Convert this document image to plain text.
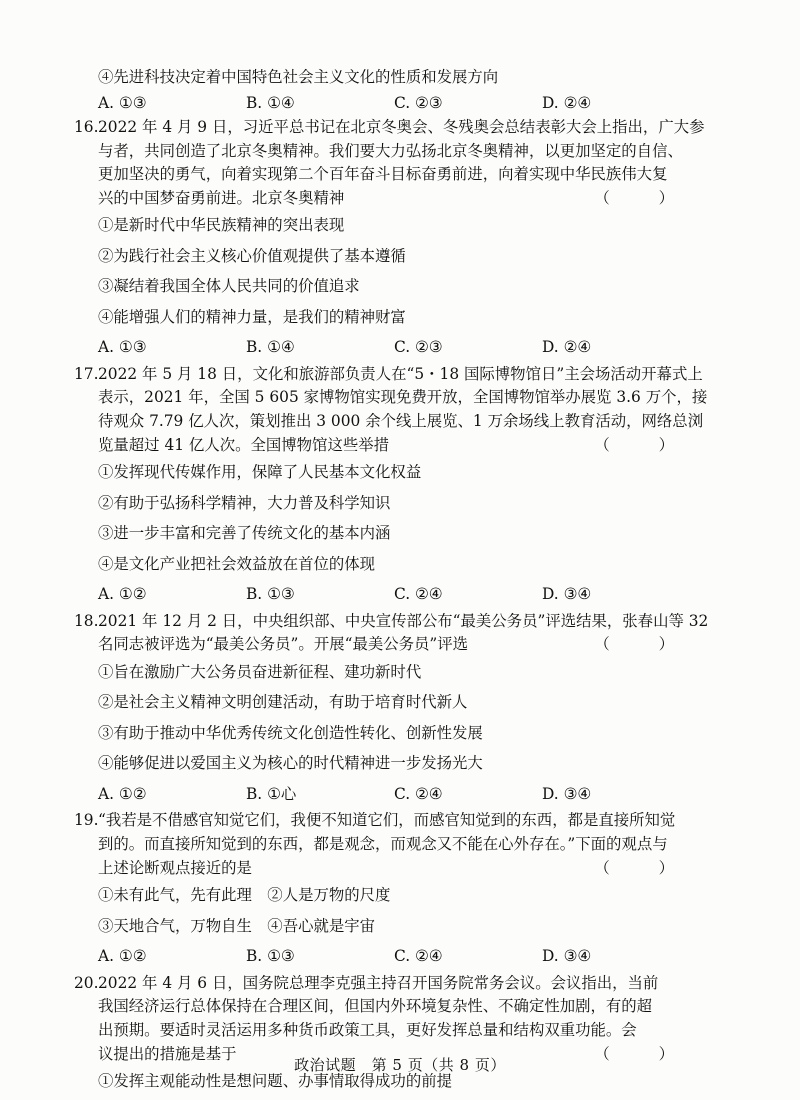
④先进科技决定着中国特色社会主义文化的性质和发展方向
A. ①③	B. ①④	C. ②③	D. ②④
16. 2022 年 4 月 9 日，习近平总书记在北京冬奥会、冬残奥会总结表彰大会上指出，广大参
与者，共同创造了北京冬奥精神。我们要大力弘扬北京冬奥精神，以更加坚定的自信、
更加坚决的勇气，向着实现第二个百年奋斗目标奋勇前进，向着实现中华民族伟大复
兴的中国梦奋勇前进。北京冬奥精神	（ ）
①是新时代中华民族精神的突出表现
②为践行社会主义核心价值观提供了基本遵循
③凝结着我国全体人民共同的价值追求
④能增强人们的精神力量，是我们的精神财富
A. ①③	B. ①④	C. ②③	D. ②④
17. 2022 年 5 月 18 日，文化和旅游部负责人在“5・18 国际博物馆日”主会场活动开幕式上
表示，2021 年，全国 5 605 家博物馆实现免费开放，全国博物馆举办展览 3.6 万个，接
待观众 7.79 亿人次，策划推出 3 000 余个线上展览、1 万余场线上教育活动，网络总浏
览量超过 41 亿人次。全国博物馆这些举措	（ ）
①发挥现代传媒作用，保障了人民基本文化权益
②有助于弘扬科学精神，大力普及科学知识
③进一步丰富和完善了传统文化的基本内涵
④是文化产业把社会效益放在首位的体现
A. ①②	B. ①③	C. ②④	D. ③④
18. 2021 年 12 月 2 日，中央组织部、中央宣传部公布“最美公务员”评选结果，张春山等 32
名同志被评选为“最美公务员”。开展“最美公务员”评选	（ ）
①旨在激励广大公务员奋进新征程、建功新时代
②是社会主义精神文明创建活动，有助于培育时代新人
③有助于推动中华优秀传统文化创造性转化、创新性发展
④能够促进以爱国主义为核心的时代精神进一步发扬光大
A. ①②	B. ①心	C. ②④	D. ③④
19. “我若是不借感官知觉它们，我便不知道它们，而感官知觉到的东西，都是直接所知觉
到的。而直接所知觉到的东西，都是观念，而观念又不能在心外存在。”下面的观点与
上述论断观点接近的是	（ ）
①未有此气，先有此理　②人是万物的尺度
③天地合气，万物自生　④吾心就是宇宙
A. ①②	B. ①③	C. ②④	D. ③④
20. 2022 年 4 月 6 日，国务院总理李克强主持召开国务院常务会议。会议指出，当前
我国经济运行总体保持在合理区间，但国内外环境复杂性、不确定性加剧，有的超
出预期。要适时灵活运用多种货币政策工具，更好发挥总量和结构双重功能。会
议提出的措施是基于	（ ）
①发挥主观能动性是想问题、办事情取得成功的前提
政治试题　第 5 页（共 8 页）
